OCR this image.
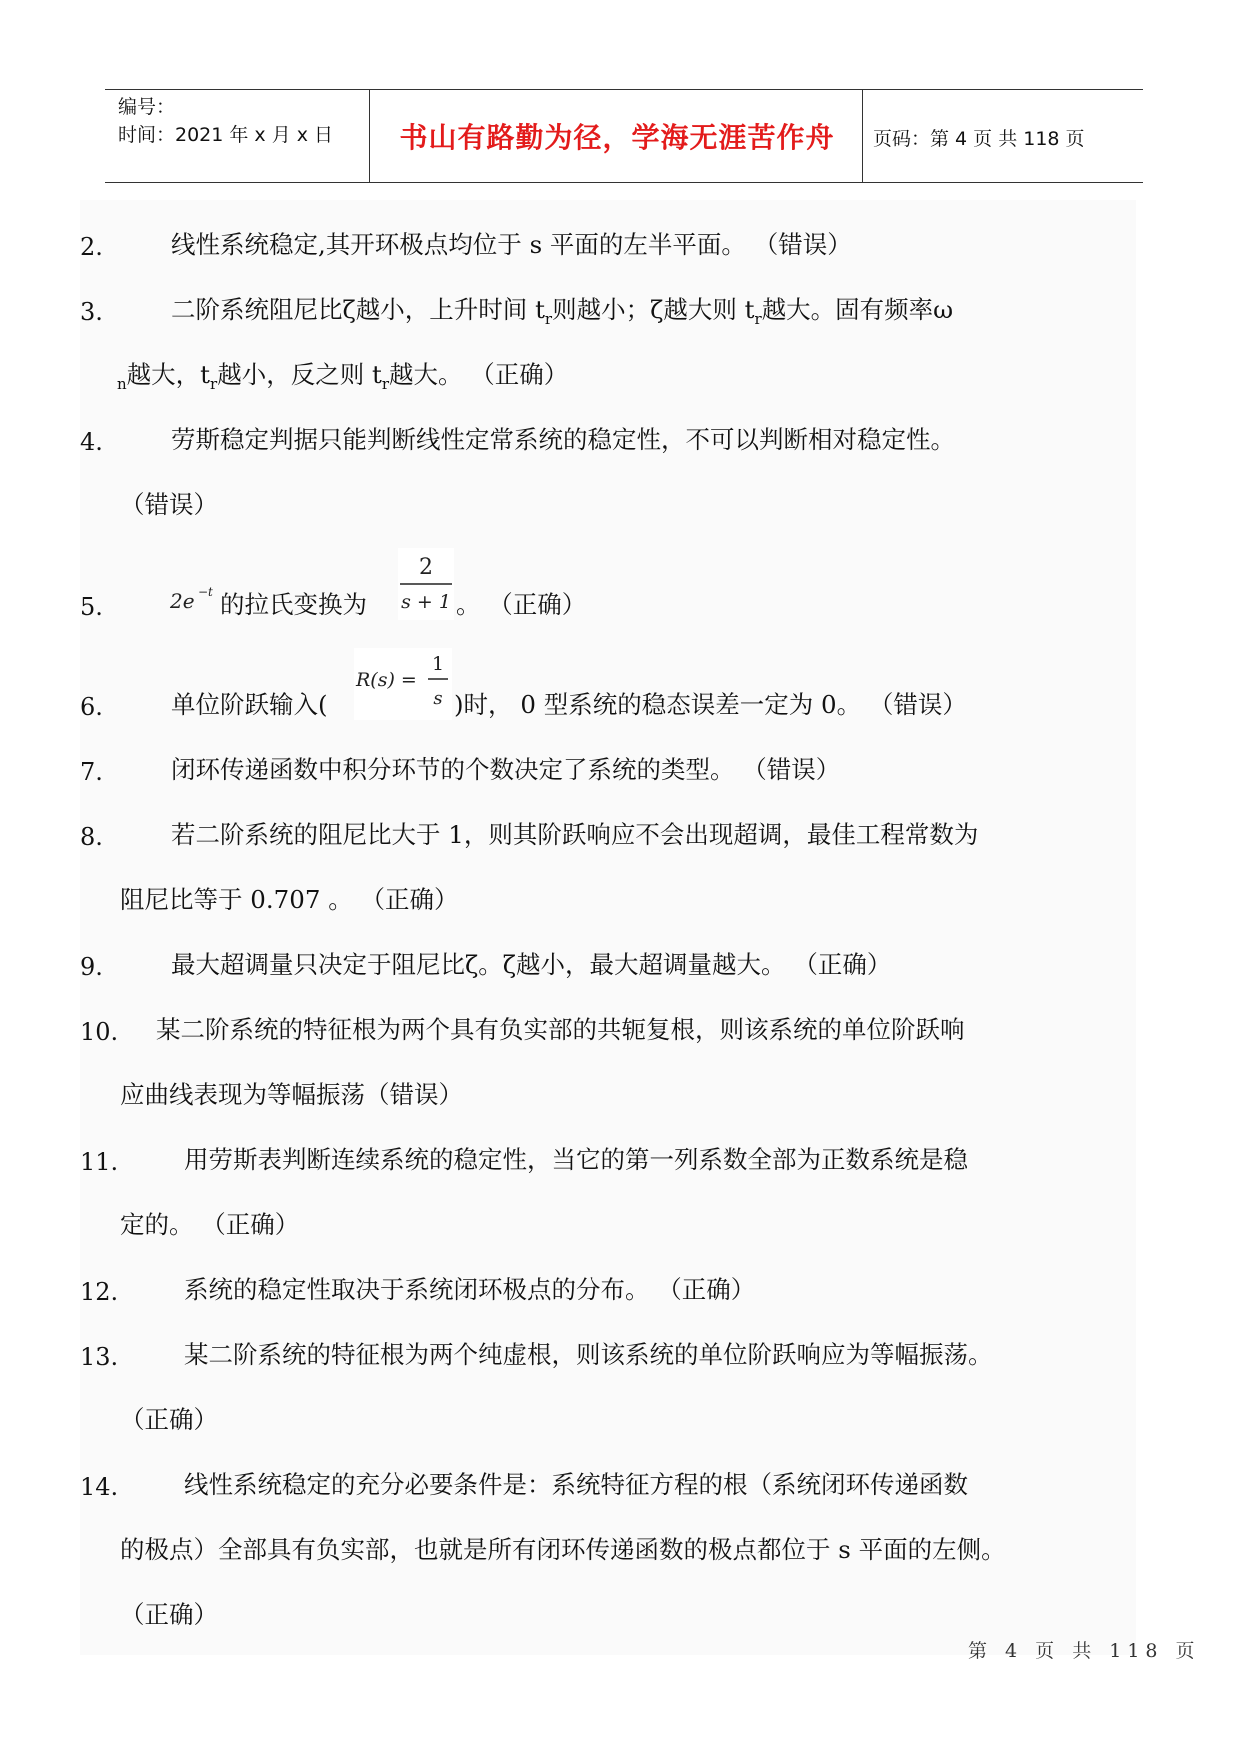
编号：
时间：2021 年 x 月 x 日	书山有路勤为径，学海无涯苦作舟	页码：第 4 页 共 118 页
2.	线性系统稳定,其开环极点均位于 s 平面的左半平面。 （错误）
3.	二阶系统阻尼比ζ越小，上升时间 $t_r$则越小；ζ越大则 $t_r$越大。固有频率ω
$_n$越大，$t_r$越小，反之则 $t_r$越大。 （正确）
4.	劳斯稳定判据只能判断线性定常系统的稳定性，不可以判断相对稳定性。
（错误）
5.	2e −t 的拉氏变换为
2
s + 1 。 （正确）
6.	单位阶跃输入(
R(s) =
1
s )时， 0 型系统的稳态误差一定为 0。 （错误）
7.	闭环传递函数中积分环节的个数决定了系统的类型。 （错误）
8.	若二阶系统的阻尼比大于 1，则其阶跃响应不会出现超调，最佳工程常数为
阻尼比等于 0.707 。 （正确）
9.	最大超调量只决定于阻尼比ζ。ζ越小，最大超调量越大。 （正确）
10. 某二阶系统的特征根为两个具有负实部的共轭复根，则该系统的单位阶跃响
应曲线表现为等幅振荡（错误）
11.	用劳斯表判断连续系统的稳定性，当它的第一列系数全部为正数系统是稳
定的。 （正确）
12.	系统的稳定性取决于系统闭环极点的分布。 （正确）
13.	某二阶系统的特征根为两个纯虚根，则该系统的单位阶跃响应为等幅振荡。
（正确）
14.	线性系统稳定的充分必要条件是：系统特征方程的根（系统闭环传递函数
的极点）全部具有负实部，也就是所有闭环传递函数的极点都位于 s 平面的左侧。
（正确）
第 4 页 共 118 页
